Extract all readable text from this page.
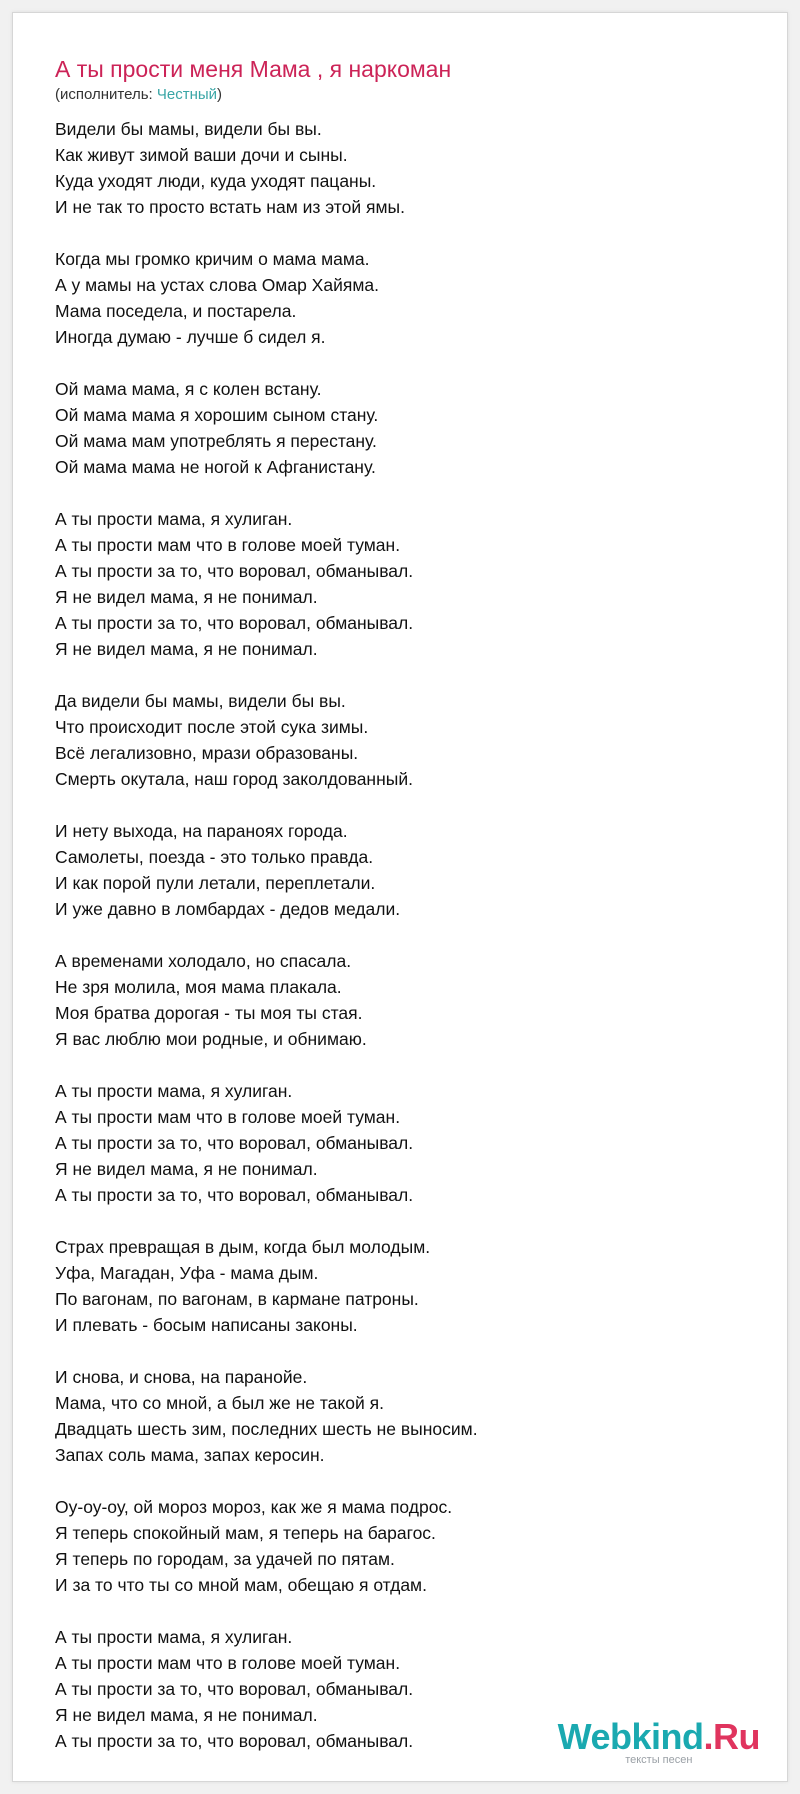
А ты прости меня Мама , я наркоман
(исполнитель: Честный)
Видели бы мамы, видели бы вы.
Как живут зимой ваши дочи и сыны.
Куда уходят люди, куда уходят пацаны.
И не так то просто встать нам из этой ямы.
Когда мы громко кричим о мама мама.
А у мамы на устах слова Омар Хайяма.
Мама поседела, и постарела.
Иногда думаю - лучше б сидел я.
Ой мама мама, я с колен встану.
Ой мама мама я хорошим сыном стану.
Ой мама мам употреблять я перестану.
Ой мама мама не ногой к Афганистану.
А ты прости мама, я хулиган.
А ты прости мам что в голове моей туман.
А ты прости за то, что воровал, обманывал.
Я не видел мама, я не понимал.
А ты прости за то, что воровал, обманывал.
Я не видел мама, я не понимал.
Да видели бы мамы, видели бы вы.
Что происходит после этой сука зимы.
Всё легализовно, мрази образованы.
Смерть окутала, наш город заколдованный.
И нету выхода, на параноях города.
Самолеты, поезда - это только правда.
И как порой пули летали, переплетали.
И уже давно в ломбардах - дедов медали.
А временами холодало, но спасала.
Не зря молила, моя мама плакала.
Моя братва дорогая - ты моя ты стая.
Я вас люблю мои родные, и обнимаю.
А ты прости мама, я хулиган.
А ты прости мам что в голове моей туман.
А ты прости за то, что воровал, обманывал.
Я не видел мама, я не понимал.
А ты прости за то, что воровал, обманывал.
Страх превращая в дым, когда был молодым.
Уфа, Магадан, Уфа - мама дым.
По вагонам, по вагонам, в кармане патроны.
И плевать - босым написаны законы.
И снова, и снова, на паранойе.
Мама, что со мной, а был же не такой я.
Двадцать шесть зим, последних шесть не выносим.
Запах соль мама, запах керосин.
Оу-оу-оу, ой мороз мороз, как же я мама подрос.
Я теперь спокойный мам, я теперь на барагос.
Я теперь по городам, за удачей по пятам.
И за то что ты со мной мам, обещаю я отдам.
А ты прости мама, я хулиган.
А ты прости мам что в голове моей туман.
А ты прости за то, что воровал, обманывал.
Я не видел мама, я не понимал.
А ты прости за то, что воровал, обманывал.	Webkind.Ru
тексты песен
